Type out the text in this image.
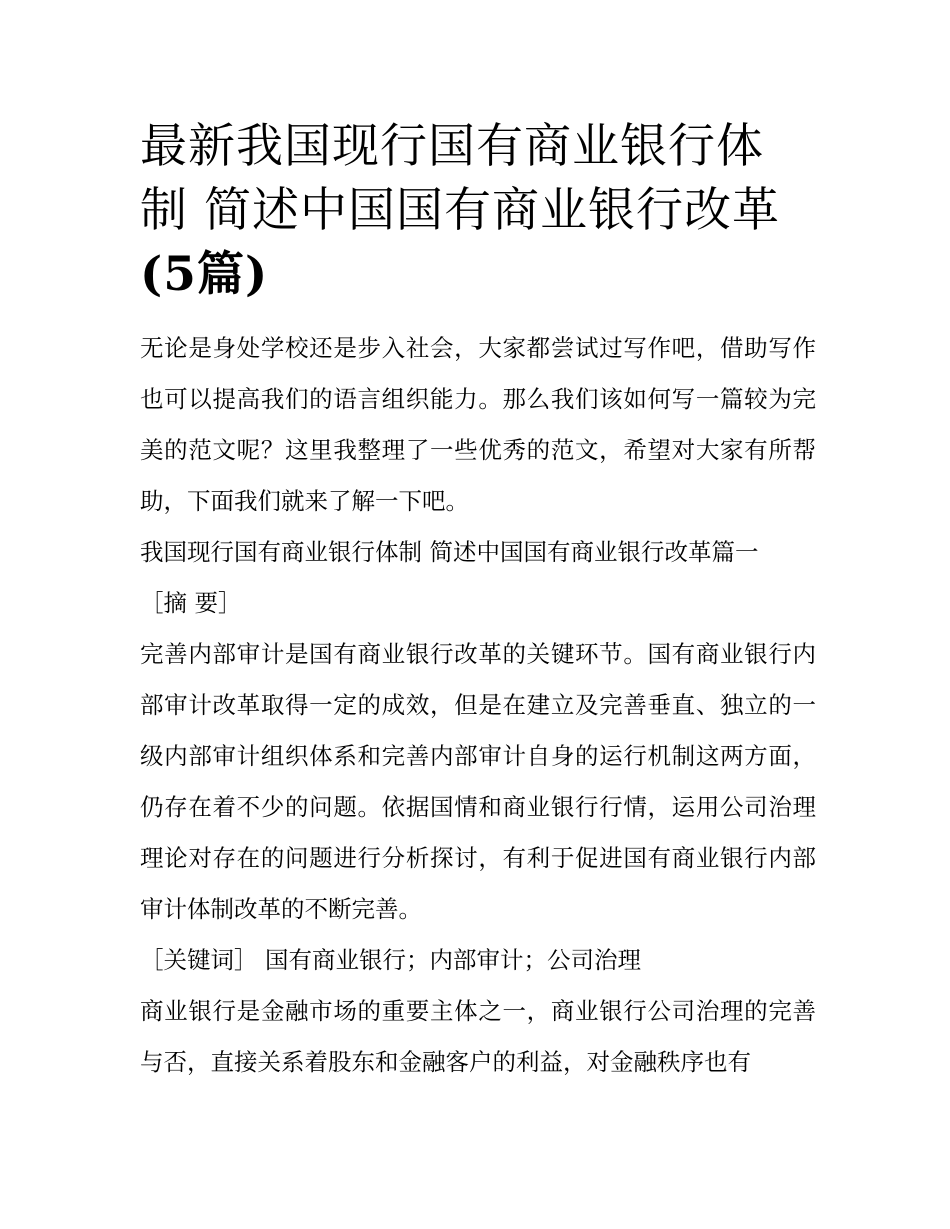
最新我国现行国有商业银行体
制 简述中国国有商业银行改革
(5篇)

无论是身处学校还是步入社会，大家都尝试过写作吧，借助写作也可以提高我们的语言组织能力。那么我们该如何写一篇较为完美的范文呢？这里我整理了一些优秀的范文，希望对大家有所帮助，下面我们就来了解一下吧。

我国现行国有商业银行体制 简述中国国有商业银行改革篇一

［摘 要］

完善内部审计是国有商业银行改革的关键环节。国有商业银行内部审计改革取得一定的成效，但是在建立及完善垂直、独立的一级内部审计组织体系和完善内部审计自身的运行机制这两方面，仍存在着不少的问题。依据国情和商业银行行情，运用公司治理理论对存在的问题进行分析探讨，有利于促进国有商业银行内部审计体制改革的不断完善。

［关键词］ 国有商业银行；内部审计；公司治理

商业银行是金融市场的重要主体之一，商业银行公司治理的完善与否，直接关系着股东和金融客户的利益，对金融秩序也有
